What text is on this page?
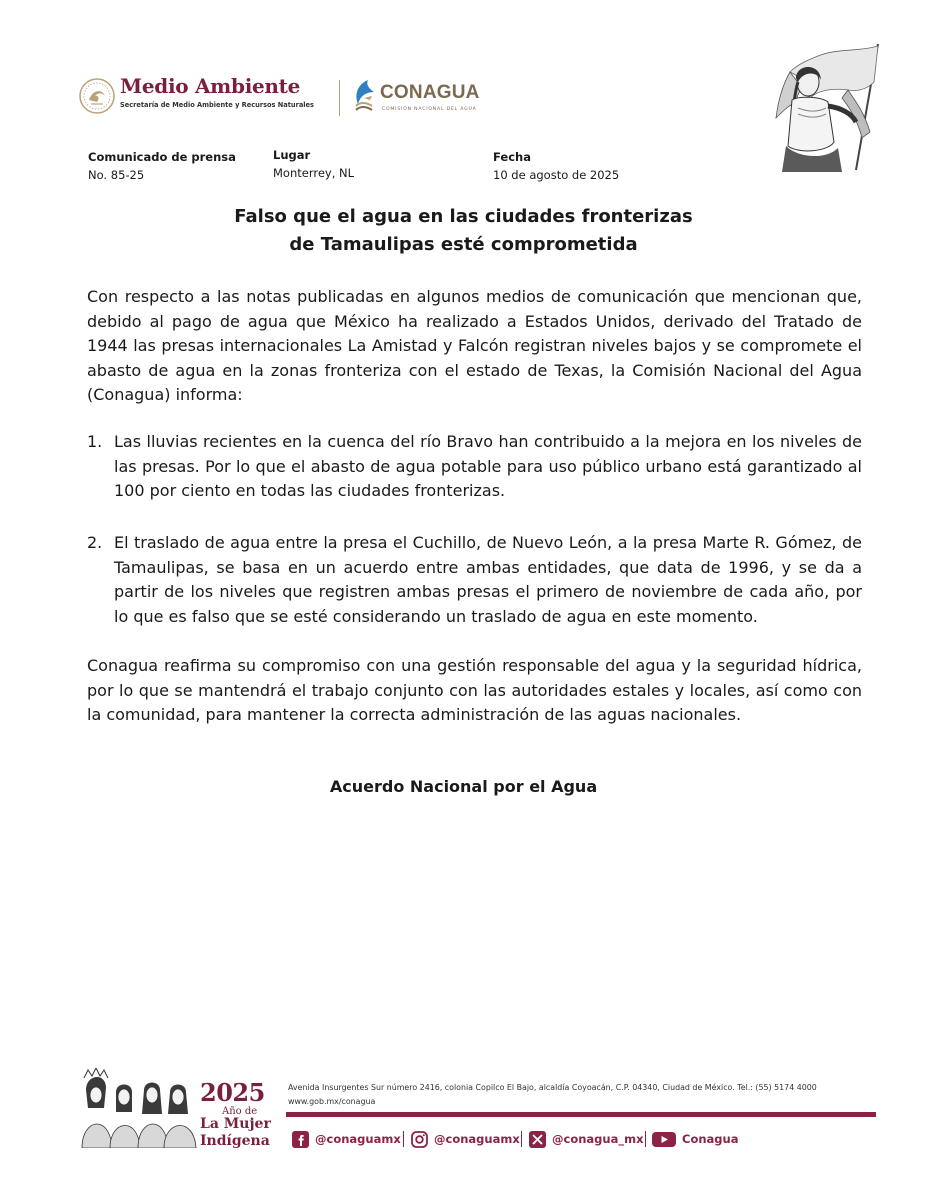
Medio Ambiente
Secretaría de Medio Ambiente y Recursos Naturales
CONAGUA
COMISIÓN NACIONAL DEL AGUA
Comunicado de prensa
No. 85-25
Lugar
Monterrey, NL
Fecha
10 de agosto de 2025
Falso que el agua en las ciudades fronterizas
de Tamaulipas esté comprometida
Con respecto a las notas publicadas en algunos medios de comunicación que mencionan que, debido al pago de agua que México ha realizado a Estados Unidos, derivado del Tratado de 1944 las presas internacionales La Amistad y Falcón registran niveles bajos y se compromete el abasto de agua en la zonas fronteriza con el estado de Texas, la Comisión Nacional del Agua (Conagua) informa:
1. Las lluvias recientes en la cuenca del río Bravo han contribuido a la mejora en los niveles de las presas. Por lo que el abasto de agua potable para uso público urbano está garantizado al 100 por ciento en todas las ciudades fronterizas.
2. El traslado de agua entre la presa el Cuchillo, de Nuevo León, a la presa Marte R. Gómez, de Tamaulipas, se basa en un acuerdo entre ambas entidades, que data de 1996, y se da a partir de los niveles que registren ambas presas el primero de noviembre de cada año, por lo que es falso que se esté considerando un traslado de agua en este momento.
Conagua reafirma su compromiso con una gestión responsable del agua y la seguridad hídrica, por lo que se mantendrá el trabajo conjunto con las autoridades estales y locales, así como con la comunidad, para mantener la correcta administración de las aguas nacionales.
Acuerdo Nacional por el Agua
2025
Año de
La Mujer
Indígena
Avenida Insurgentes Sur número 2416, colonia Copilco El Bajo, alcaldía Coyoacán, C.P. 04340, Ciudad de México. Tel.: (55) 5174 4000
www.gob.mx/conagua
@conaguamx	@conaguamx	@conagua_mx	Conagua
